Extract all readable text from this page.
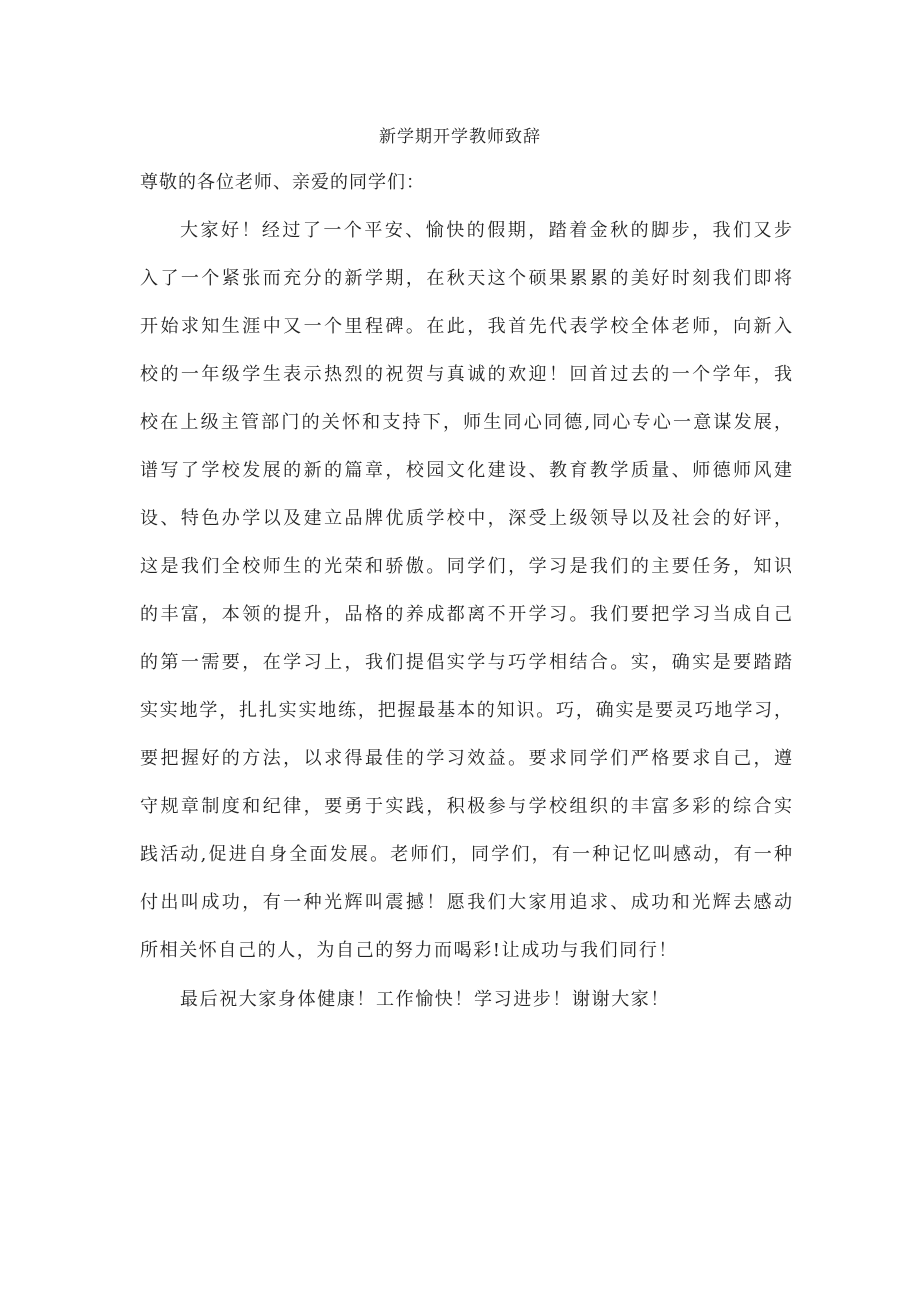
新学期开学教师致辞
尊敬的各位老师、亲爱的同学们：
大家好！经过了一个平安、愉快的假期，踏着金秋的脚步，我们又步
入了一个紧张而充分的新学期，在秋天这个硕果累累的美好时刻我们即将
开始求知生涯中又一个里程碑。在此，我首先代表学校全体老师，向新入
校的一年级学生表示热烈的祝贺与真诚的欢迎！回首过去的一个学年，我
校在上级主管部门的关怀和支持下，师生同心同德,同心专心一意谋发展，
谱写了学校发展的新的篇章，校园文化建设、教育教学质量、师德师风建
设、特色办学以及建立品牌优质学校中，深受上级领导以及社会的好评，
这是我们全校师生的光荣和骄傲。同学们，学习是我们的主要任务，知识
的丰富，本领的提升，品格的养成都离不开学习。我们要把学习当成自己
的第一需要，在学习上，我们提倡实学与巧学相结合。实，确实是要踏踏
实实地学，扎扎实实地练，把握最基本的知识。巧，确实是要灵巧地学习，
要把握好的方法，以求得最佳的学习效益。要求同学们严格要求自己，遵
守规章制度和纪律，要勇于实践，积极参与学校组织的丰富多彩的综合实
践活动,促进自身全面发展。老师们，同学们，有一种记忆叫感动，有一种
付出叫成功，有一种光辉叫震撼！愿我们大家用追求、成功和光辉去感动
所相关怀自己的人，为自己的努力而喝彩!让成功与我们同行！
最后祝大家身体健康！工作愉快！学习进步！谢谢大家！
